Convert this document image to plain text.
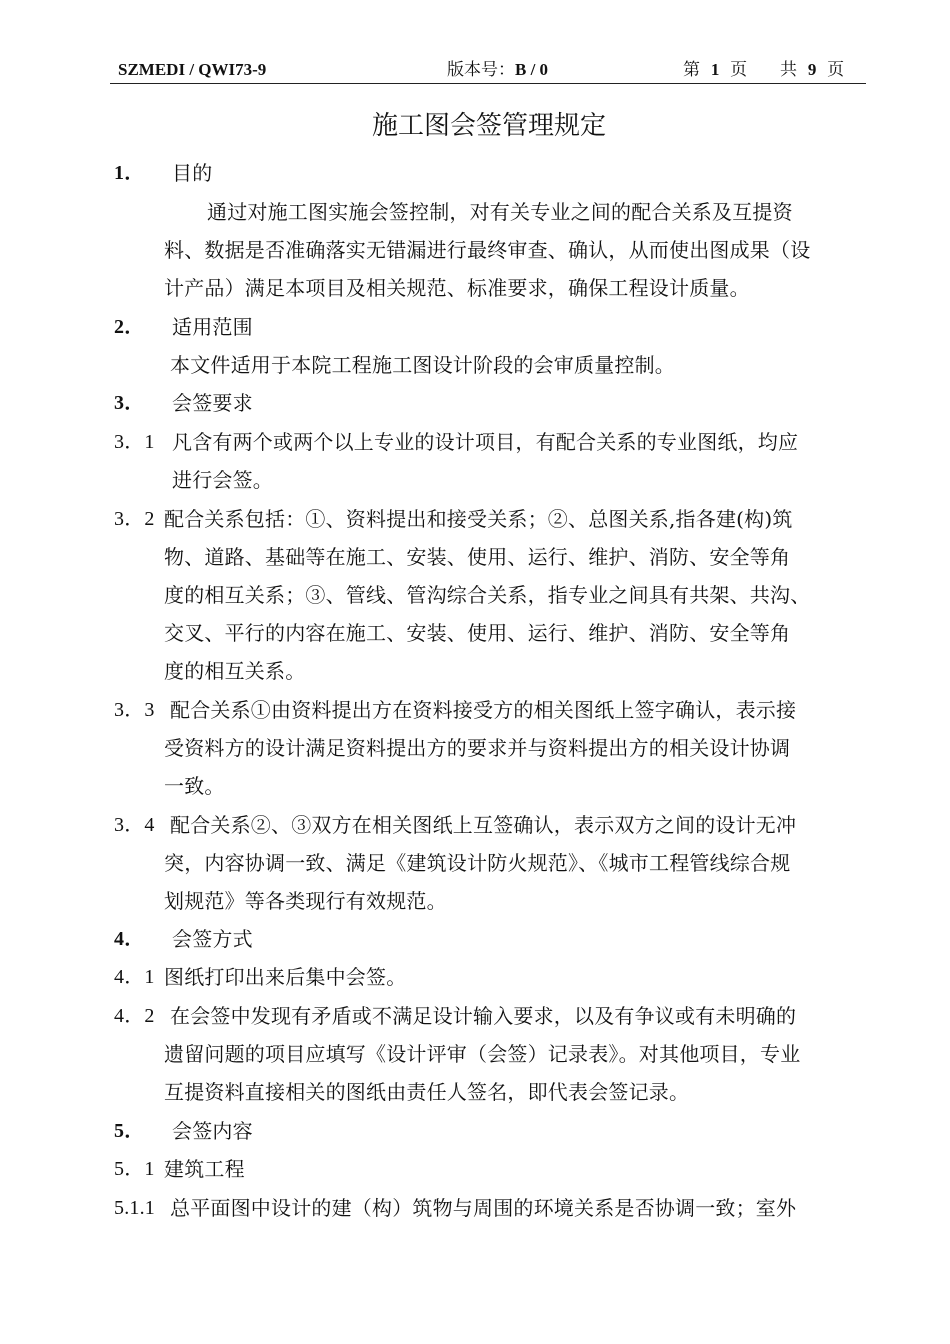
SZMEDI / QWI73-9	版本号：B / 0	第 1 页 共 9 页
施工图会签管理规定
1． 目的
通过对施工图实施会签控制，对有关专业之间的配合关系及互提资
料、数据是否准确落实无错漏进行最终审查、确认，从而使出图成果（设
计产品）满足本项目及相关规范、标准要求，确保工程设计质量。
2． 适用范围
本文件适用于本院工程施工图设计阶段的会审质量控制。
3． 会签要求
3．1 凡含有两个或两个以上专业的设计项目，有配合关系的专业图纸，均应
进行会签。
3．2 配合关系包括：①、资料提出和接受关系；②、总图关系,指各建(构)筑
物、道路、基础等在施工、安装、使用、运行、维护、消防、安全等角
度的相互关系；③、管线、管沟综合关系，指专业之间具有共架、共沟、
交叉、平行的内容在施工、安装、使用、运行、维护、消防、安全等角
度的相互关系。
3．3 配合关系①由资料提出方在资料接受方的相关图纸上签字确认，表示接
受资料方的设计满足资料提出方的要求并与资料提出方的相关设计协调
一致。
3．4 配合关系②、③双方在相关图纸上互签确认，表示双方之间的设计无冲
突，内容协调一致、满足《建筑设计防火规范》、《城市工程管线综合规
划规范》等各类现行有效规范。
4． 会签方式
4．1 图纸打印出来后集中会签。
4．2 在会签中发现有矛盾或不满足设计输入要求，以及有争议或有未明确的
遗留问题的项目应填写《设计评审（会签）记录表》。对其他项目，专业
互提资料直接相关的图纸由责任人签名，即代表会签记录。
5． 会签内容
5．1 建筑工程
5.1.1 总平面图中设计的建（构）筑物与周围的环境关系是否协调一致；室外
